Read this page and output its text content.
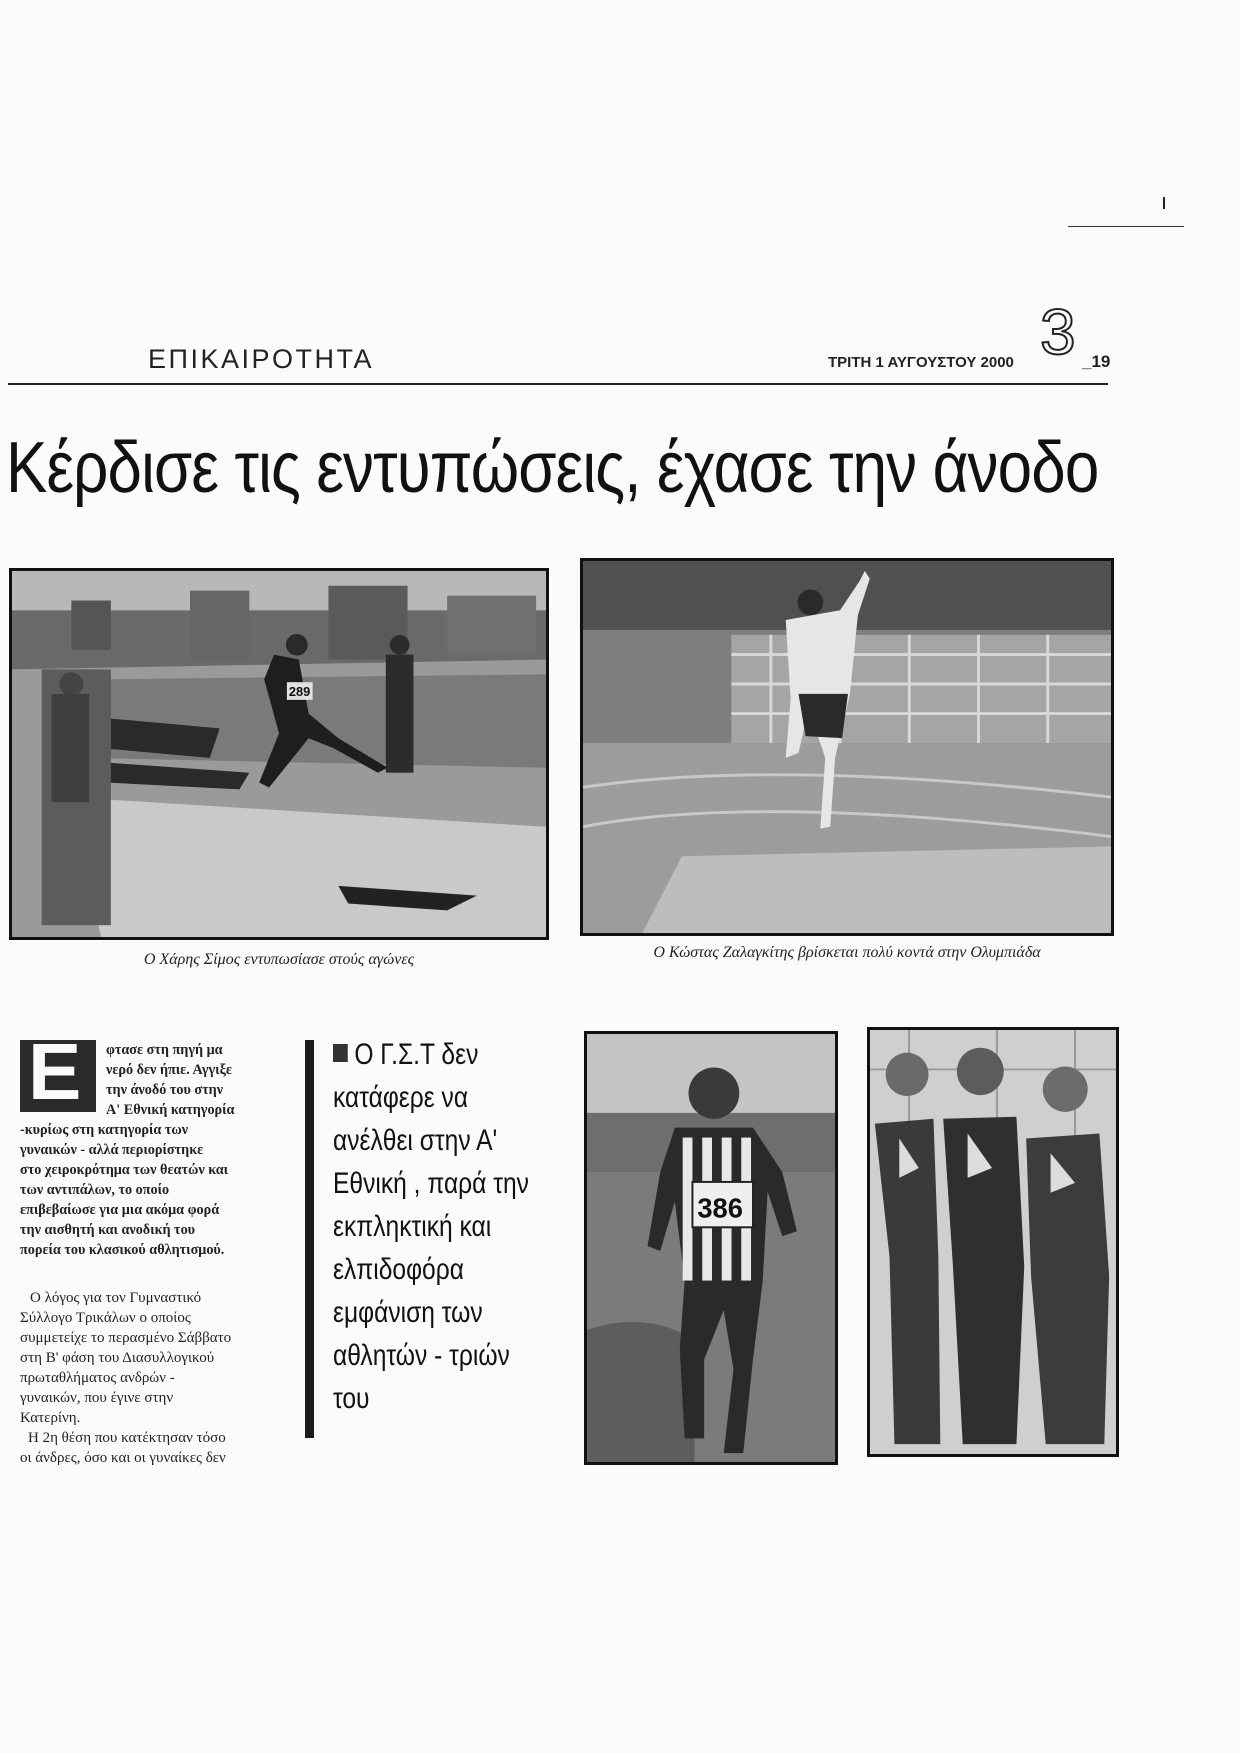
ΕΠΙΚΑΙΡΟΤΗΤΑ	ΤΡΙΤΗ 1 ΑΥΓΟΥΣΤΟΥ 2000 3 _19
Κέρδισε τις εντυπώσεις, έχασε την άνοδο
289
Ο Χάρης Σίμος εντυπωσίασε στούς αγώνες	Ο Κώστας Ζαλαγκίτης βρίσκεται πολύ κοντά στην Ολυμπιάδα
Ε φτασε στη πηγή μα
νερό δεν ήπιε. Αγγιξε
την άνοδό του στην
Α' Εθνική κατηγορία
-κυρίως στη κατηγορία των
γυναικών - αλλά περιορίστηκε
στο χειροκρότημα των θεατών και
των αντιπάλων, το οποίο
επιβεβαίωσε για μια ακόμα φορά
την αισθητή και ανοδική του
πορεία του κλασικού αθλητισμού.
Ο λόγος για τον Γυμναστικό
Σύλλογο Τρικάλων ο οποίος
συμμετείχε το περασμένο Σάββατο
στη Β' φάση του Διασυλλογικού
πρωταθλήματος ανδρών -
γυναικών, που έγινε στην
Κατερίνη.
Η 2η θέση που κατέκτησαν τόσο
οι άνδρες, όσο και οι γυναίκες δεν
Ο Γ.Σ.Τ δεν
κατάφερε να
ανέλθει στην Α'
Εθνική , παρά την
εκπληκτική και
ελπιδοφόρα
εμφάνιση των
αθλητών - τριών
του
386
